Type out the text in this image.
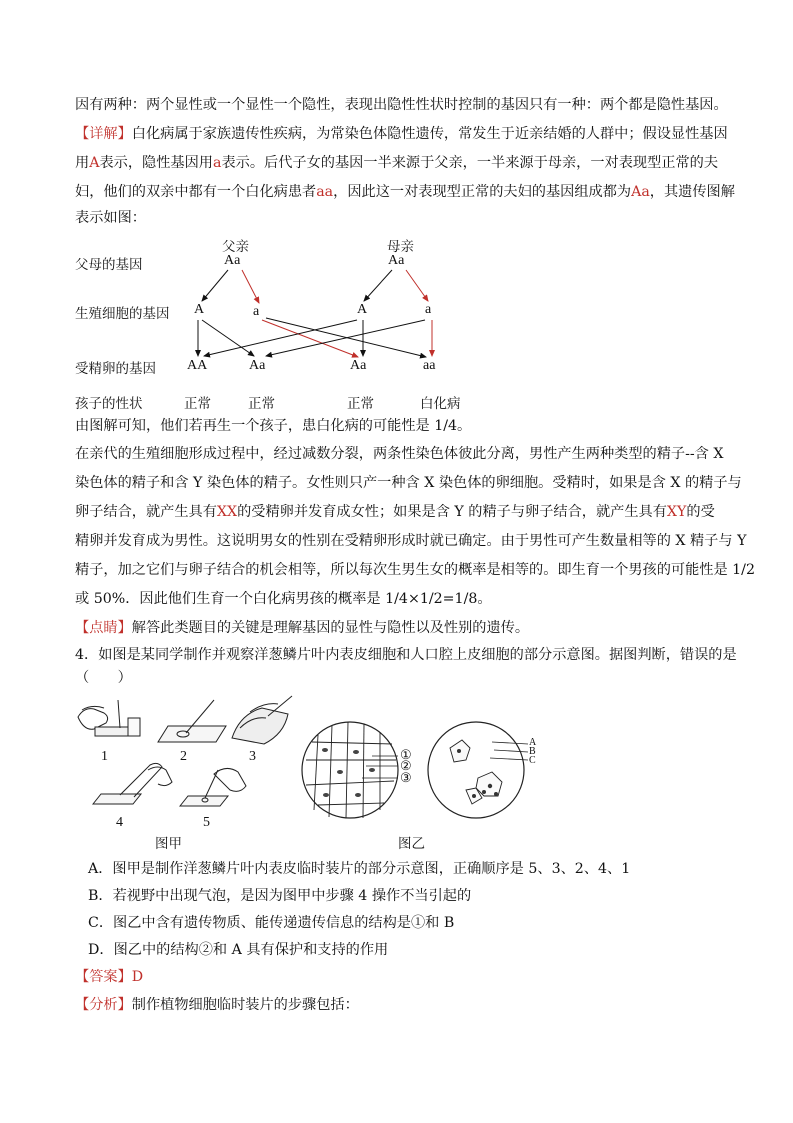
因有两种：两个显性或一个显性一个隐性，表现出隐性性状时控制的基因只有一种：两个都是隐性基因。
【详解】白化病属于家族遗传性疾病，为常染色体隐性遗传，常发生于近亲结婚的人群中；假设显性基因
用A表示，隐性基因用a表示。后代子女的基因一半来源于父亲，一半来源于母亲，一对表现型正常的夫
妇，他们的双亲中都有一个白化病患者aa，因此这一对表现型正常的夫妇的基因组成都为Aa，其遗传图解
表示如图：
父亲	母亲
父母的基因	Aa	Aa
生殖细胞的基因 A	a	A	a
受精卵的基因 AA	Aa	Aa	aa
孩子的性状	正常	正常	正常	白化病
由图解可知，他们若再生一个孩子，患白化病的可能性是 1/4。
在亲代的生殖细胞形成过程中，经过减数分裂，两条性染色体彼此分离，男性产生两种类型的精子--含 X
染色体的精子和含 Y 染色体的精子。女性则只产一种含 X 染色体的卵细胞。受精时，如果是含 X 的精子与
卵子结合，就产生具有XX的受精卵并发育成女性；如果是含 Y 的精子与卵子结合，就产生具有XY的受
精卵并发育成为男性。这说明男女的性别在受精卵形成时就已确定。由于男性可产生数量相等的 X 精子与 Y
精子，加之它们与卵子结合的机会相等，所以每次生男生女的概率是相等的。即生育一个男孩的可能性是 1/2
或 50%．因此他们生育一个白化病男孩的概率是 1/4×1/2=1/8。
【点睛】解答此类题目的关键是理解基因的显性与隐性以及性别的遗传。
4．如图是某同学制作并观察洋葱鳞片叶内表皮细胞和人口腔上皮细胞的部分示意图。据图判断，错误的是
（　　）
1	2	3
4	5
图甲	图乙
①
②
③
A
B
C
A．图甲是制作洋葱鳞片叶内表皮临时装片的部分示意图，正确顺序是 5、3、2、4、1
B．若视野中出现气泡，是因为图甲中步骤 4 操作不当引起的
C．图乙中含有遗传物质、能传递遗传信息的结构是①和 B
D．图乙中的结构②和 A 具有保护和支持的作用
【答案】D
【分析】制作植物细胞临时装片的步骤包括：
